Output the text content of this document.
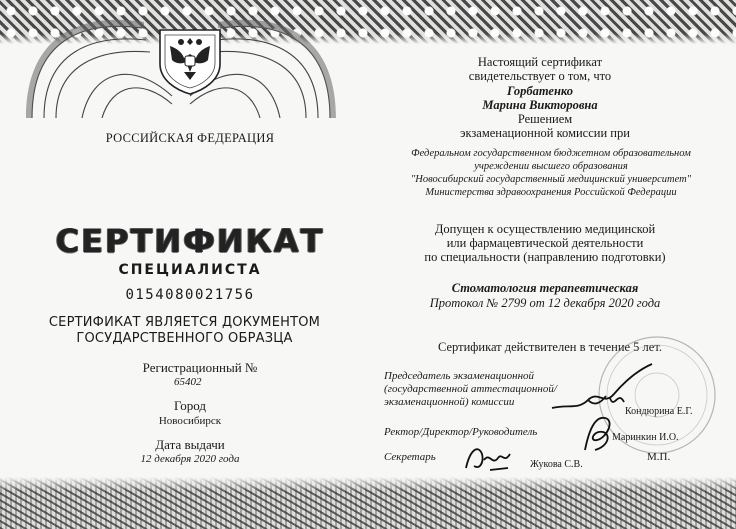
РОССИЙСКАЯ ФЕДЕРАЦИЯ
СЕРТИФИКАТ
СПЕЦИАЛИСТА
0154080021756
СЕРТИФИКАТ ЯВЛЯЕТСЯ ДОКУМЕНТОМ
ГОСУДАРСТВЕННОГО ОБРАЗЦА
Регистрационный №
65402
Город
Новосибирск
Дата выдачи
12 декабря 2020 года
Настоящий сертификат
свидетельствует о том, что
Горбатенко
Марина Викторовна
Решением
экзаменационной комиссии при
Федеральном государственном бюджетном образовательном
учреждении высшего образования
"Новосибирский государственный медицинский университет"
Министерства здравоохранения Российской Федерации
Допущен к осуществлению медицинской
или фармацевтической деятельности
по специальности (направлению подготовки)
Стоматология терапевтическая
Протокол № 2799 от 12 декабря 2020 года
Сертификат действителен в течение 5 лет.
Председатель экзаменационной
(государственной аттестационной/
экзаменационной) комиссии
Кондюрина Е.Г.
Ректор/Директор/Руководитель	Маринкин И.О.
Секретарь
Жукова С.В.
М.П.
